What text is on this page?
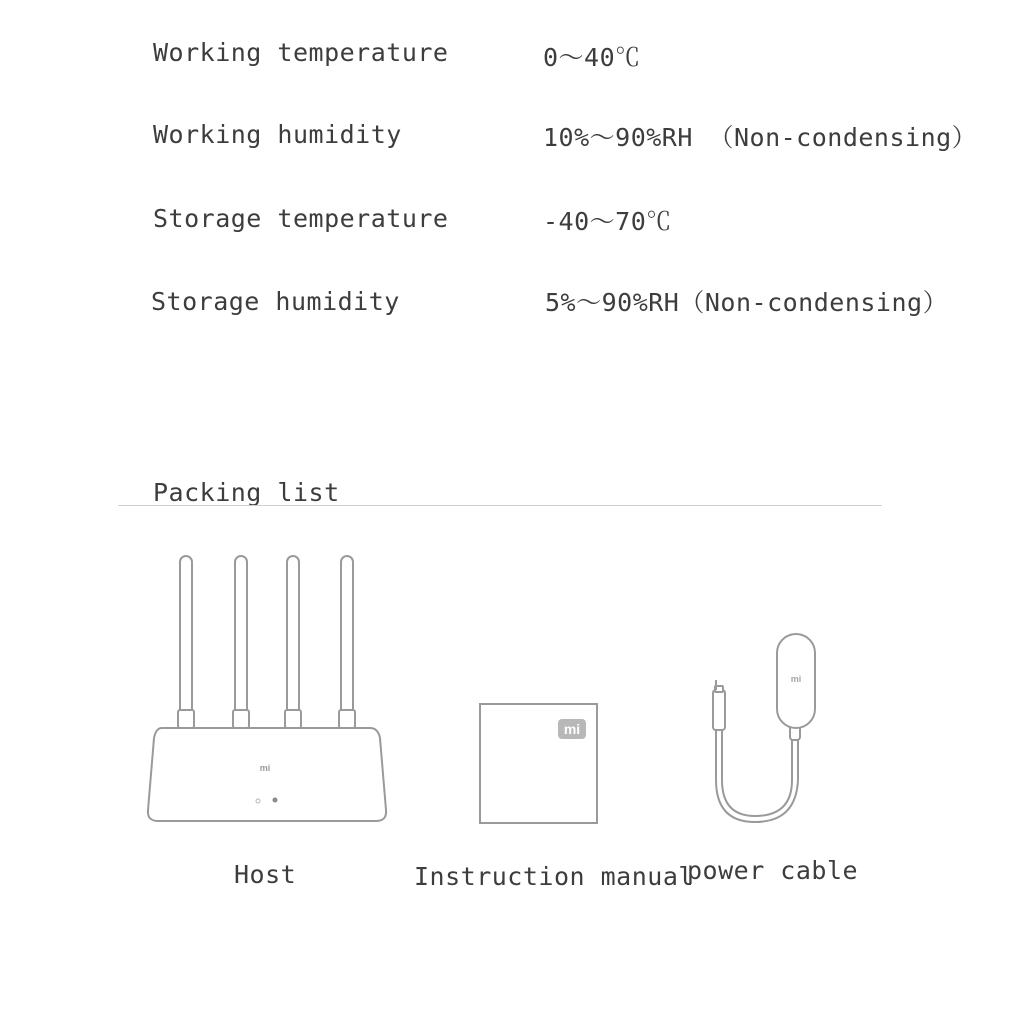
Working temperature	0〜40℃
Working humidity	10%〜90%RH （Non-condensing）
Storage temperature	-40〜70℃
Storage humidity	5%〜90%RH（Non-condensing）
Packing list
mi
mi
mi
Host	Instruction manual
power cable
